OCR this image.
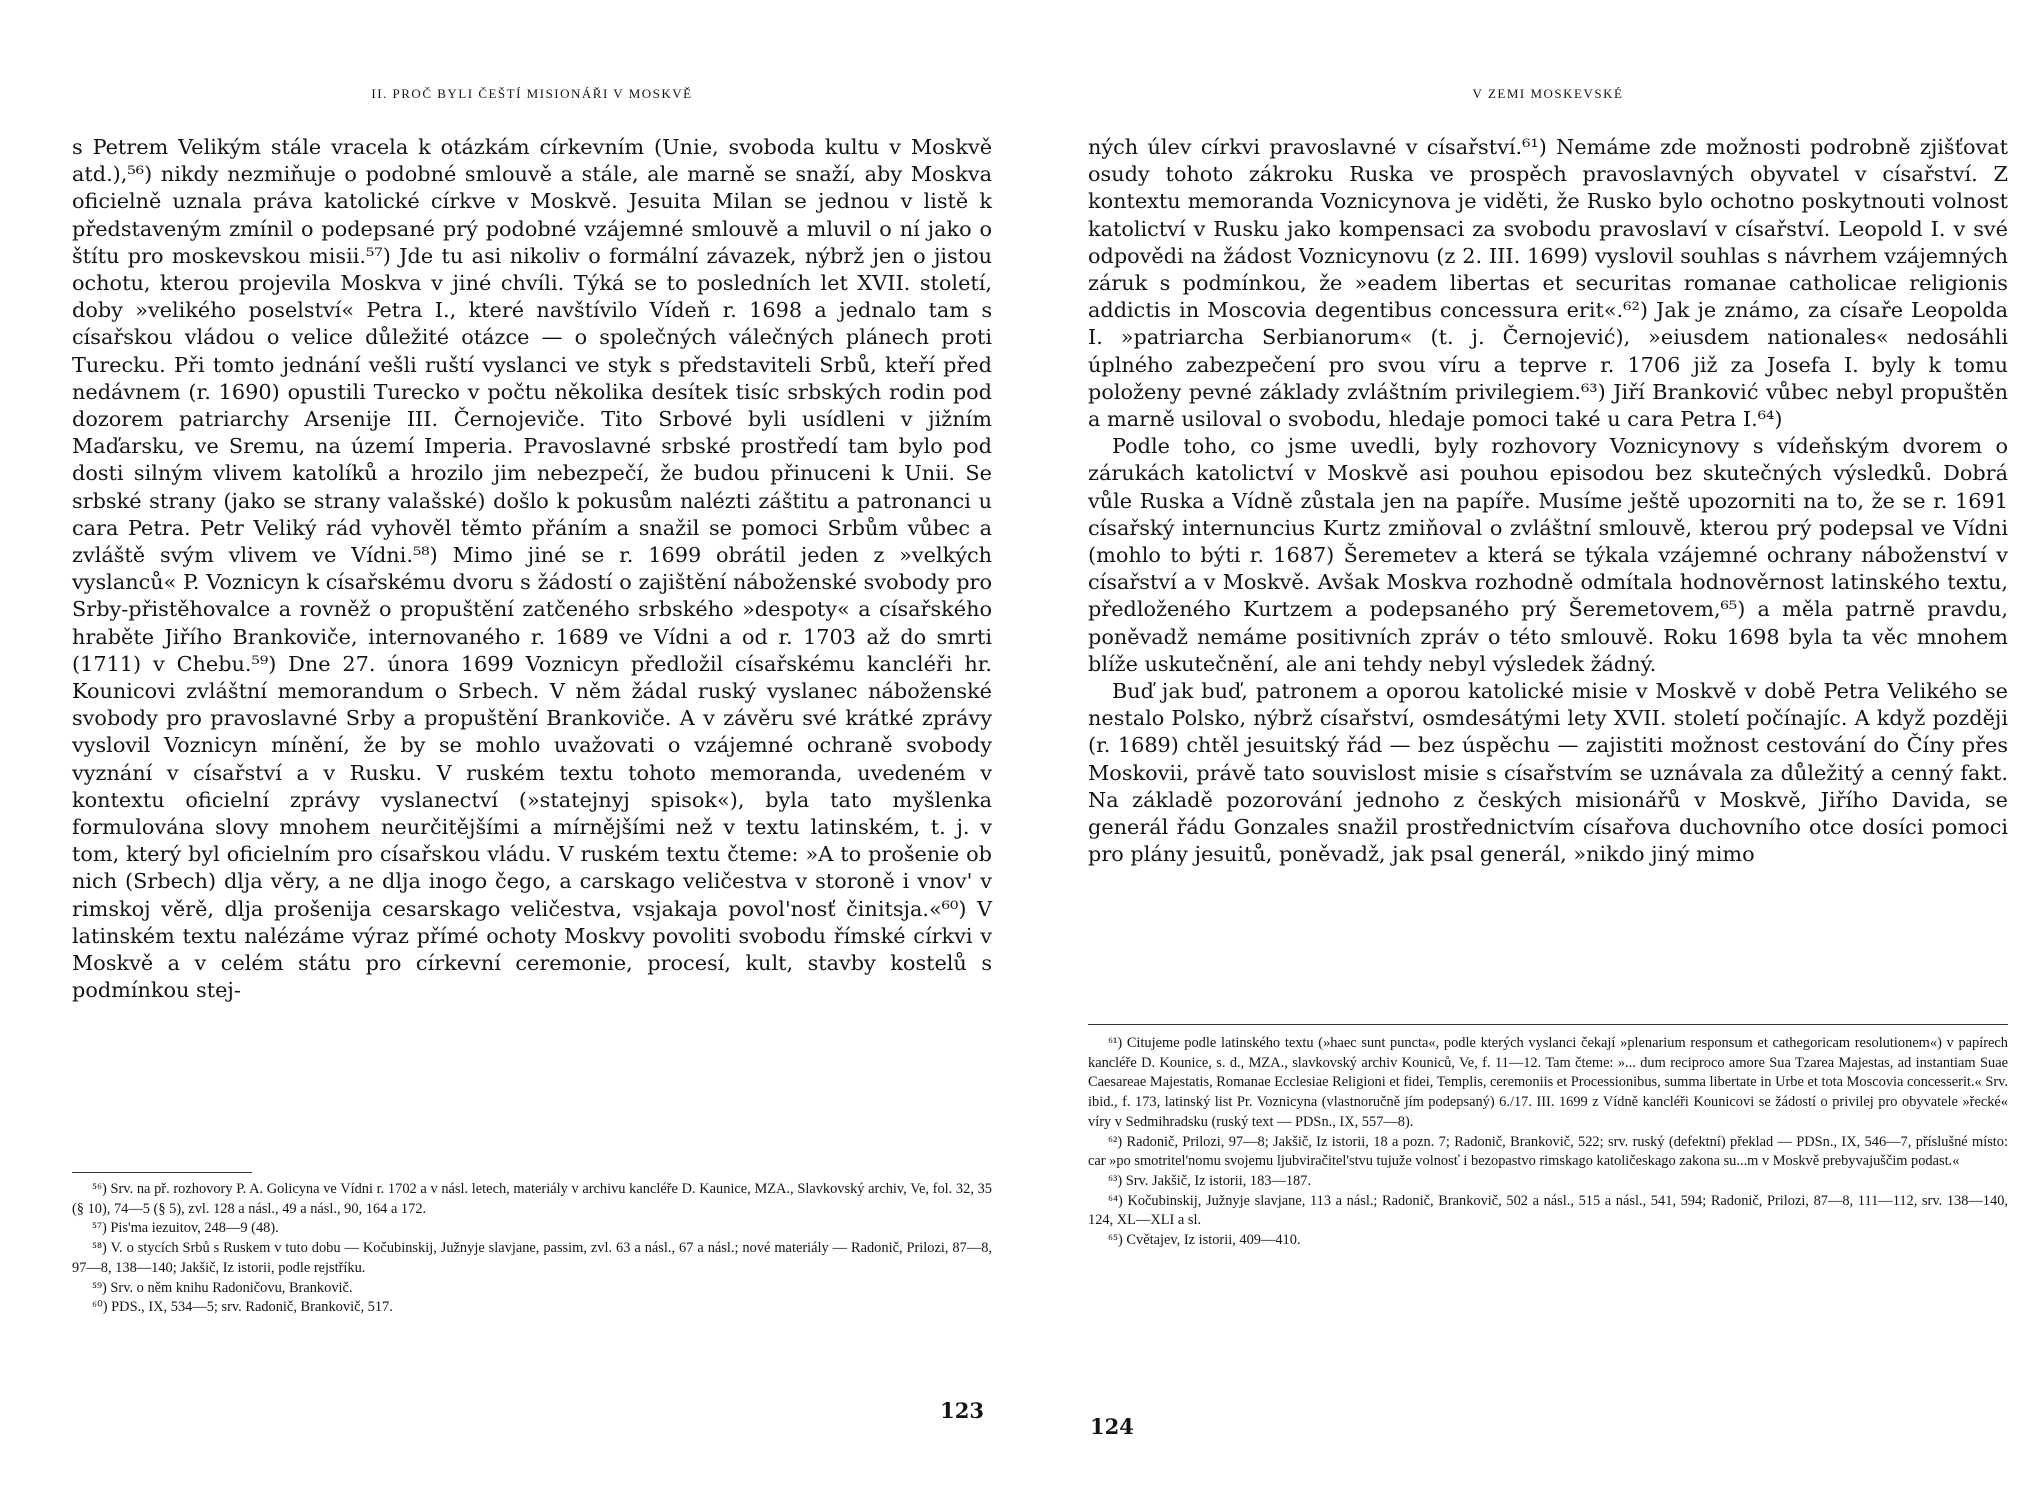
II. PROČ BYLI ČEŠTÍ MISIONÁŘI V MOSKVĚ

s Petrem Velikým stále vracela k otázkám církevním (Unie, svoboda kultu v Moskvě atd.),⁵⁶) nikdy nezmiňuje o podobné smlouvě a stále, ale marně se snaží, aby Moskva oficielně uznala práva katolické církve v Moskvě. Jesuita Milan se jednou v listě k představeným zmínil o podepsané prý podobné vzájemné smlouvě a mluvil o ní jako o štítu pro moskevskou misii.⁵⁷) Jde tu asi nikoliv o formální závazek, nýbrž jen o jistou ochotu, kterou projevila Moskva v jiné chvíli. Týká se to posledních let XVII. století, doby »velikého poselství« Petra I., které navštívilo Vídeň r. 1698 a jednalo tam s císařskou vládou o velice důležité otázce — o společných válečných plánech proti Turecku. Při tomto jednání vešli ruští vyslanci ve styk s představiteli Srbů, kteří před nedávnem (r. 1690) opustili Turecko v počtu několika desítek tisíc srbských rodin pod dozorem patriarchy Arsenije III. Černojeviče. Tito Srbové byli usídleni v jižním Maďarsku, ve Sremu, na území Imperia. Pravoslavné srbské prostředí tam bylo pod dosti silným vlivem katolíků a hrozilo jim nebezpečí, že budou přinuceni k Unii. Se srbské strany (jako se strany valašské) došlo k pokusům nalézti záštitu a patronanci u cara Petra. Petr Veliký rád vyhověl těmto přáním a snažil se pomoci Srbům vůbec a zvláště svým vlivem ve Vídni.⁵⁸) Mimo jiné se r. 1699 obrátil jeden z »velkých vyslanců« P. Voznicyn k císařskému dvoru s žádostí o zajištění náboženské svobody pro Srby-přistěhovalce a rovněž o propuštění zatčeného srbského »despoty« a císařského hraběte Jiřího Brankoviče, internovaného r. 1689 ve Vídni a od r. 1703 až do smrti (1711) v Chebu.⁵⁹) Dne 27. února 1699 Voznicyn předložil císařskému kancléři hr. Kounicovi zvláštní memorandum o Srbech. V něm žádal ruský vyslanec náboženské svobody pro pravoslavné Srby a propuštění Brankoviče. A v závěru své krátké zprávy vyslovil Voznicyn mínění, že by se mohlo uvažovati o vzájemné ochraně svobody vyznání v císařství a v Rusku. V ruském textu tohoto memoranda, uvedeném v kontextu oficielní zprávy vyslanectví (»statejnyj spisok«), byla tato myšlenka formulována slovy mnohem neurčitějšími a mírnějšími než v textu latinském, t. j. v tom, který byl oficielním pro císařskou vládu. V ruském textu čteme: »A to prošenie ob nich (Srbech) dlja věry, a ne dlja inogo čego, a carskago veličestva v storoně i vnov' v rimskoj věrě, dlja prošenija cesarskago veličestva, vsjakaja povol'nosť činitsja.«⁶⁰) V latinském textu nalézáme výraz přímé ochoty Moskvy povoliti svobodu římské církvi v Moskvě a v celém státu pro církevní ceremonie, procesí, kult, stavby kostelů s podmínkou stej-

⁵⁶) Srv. na př. rozhovory P. A. Golicyna ve Vídni r. 1702 a v násl. letech, materiály v archivu kancléře D. Kaunice, MZA., Slavkovský archiv, Ve, fol. 32, 35 (§ 10), 74—5 (§ 5), zvl. 128 a násl., 49 a násl., 90, 164 a 172.

⁵⁷) Pis'ma iezuitov, 248—9 (48).

⁵⁸) V. o stycích Srbů s Ruskem v tuto dobu — Kočubinskij, Južnyje slavjane, passim, zvl. 63 a násl., 67 a násl.; nové materiály — Radonič, Prilozi, 87—8, 97—8, 138—140; Jakšič, Iz istorii, podle rejstříku.

⁵⁹) Srv. o něm knihu Radoničovu, Brankovič.

⁶⁰) PDS., IX, 534—5; srv. Radonič, Brankovič, 517.

123
V ZEMI MOSKEVSKÉ

ných úlev církvi pravoslavné v císařství.⁶¹) Nemáme zde možnosti podrobně zjišťovat osudy tohoto zákroku Ruska ve prospěch pravoslavných obyvatel v císařství. Z kontextu memoranda Voznicynova je viděti, že Rusko bylo ochotno poskytnouti volnost katolictví v Rusku jako kompensaci za svobodu pravoslaví v císařství. Leopold I. v své odpovědi na žádost Voznicynovu (z 2. III. 1699) vyslovil souhlas s návrhem vzájemných záruk s podmínkou, že »eadem libertas et securitas romanae catholicae religionis addictis in Moscovia degentibus concessura erit«.⁶²) Jak je známo, za císaře Leopolda I. »patriarcha Serbianorum« (t. j. Černojević), »eiusdem nationales« nedosáhli úplného zabezpečení pro svou víru a teprve r. 1706 již za Josefa I. byly k tomu položeny pevné základy zvláštním privilegiem.⁶³) Jiří Branković vůbec nebyl propuštěn a marně usiloval o svobodu, hledaje pomoci také u cara Petra I.⁶⁴)

Podle toho, co jsme uvedli, byly rozhovory Voznicynovy s vídeňským dvorem o zárukách katolictví v Moskvě asi pouhou episodou bez skutečných výsledků. Dobrá vůle Ruska a Vídně zůstala jen na papíře. Musíme ještě upozorniti na to, že se r. 1691 císařský internuncius Kurtz zmiňoval o zvláštní smlouvě, kterou prý podepsal ve Vídni (mohlo to býti r. 1687) Šeremetev a která se týkala vzájemné ochrany náboženství v císařství a v Moskvě. Avšak Moskva rozhodně odmítala hodnověrnost latinského textu, předloženého Kurtzem a podepsaného prý Šeremetovem,⁶⁵) a měla patrně pravdu, poněvadž nemáme positivních zpráv o této smlouvě. Roku 1698 byla ta věc mnohem blíže uskutečnění, ale ani tehdy nebyl výsledek žádný.

Buď jak buď, patronem a oporou katolické misie v Moskvě v době Petra Velikého se nestalo Polsko, nýbrž císařství, osmdesátými lety XVII. století počínajíc. A když později (r. 1689) chtěl jesuitský řád — bez úspěchu — zajistiti možnost cestování do Číny přes Moskovii, právě tato souvislost misie s císařstvím se uznávala za důležitý a cenný fakt. Na základě pozorování jednoho z českých misionářů v Moskvě, Jiřího Davida, se generál řádu Gonzales snažil prostřednictvím císařova duchovního otce dosíci pomoci pro plány jesuitů, poněvadž, jak psal generál, »nikdo jiný mimo

⁶¹) Citujeme podle latinského textu (»haec sunt puncta«, podle kterých vyslanci čekají »plenarium responsum et cathegoricam resolutionem«) v papírech kancléře D. Kounice, s. d., MZA., slavkovský archiv Kouniců, Ve, f. 11—12. Tam čteme: »... dum reciproco amore Sua Tzarea Majestas, ad instantiam Suae Caesareae Majestatis, Romanae Ecclesiae Religioni et fidei, Templis, ceremoniis et Processionibus, summa libertate in Urbe et tota Moscovia concesserit.« Srv. ibid., f. 173, latinský list Pr. Voznicyna (vlastnoručně jím podepsaný) 6./17. III. 1699 z Vídně kancléři Kounicovi se žádostí o privilej pro obyvatele »řecké« víry v Sedmihradsku (ruský text — PDSn., IX, 557—8).

⁶²) Radonič, Prilozi, 97—8; Jakšič, Iz istorii, 18 a pozn. 7; Radonič, Brankovič, 522; srv. ruský (defektní) překlad — PDSn., IX, 546—7, příslušné místo: car »po smotritel'nomu svojemu ljubviračitel'stvu tujužе volnosť i bezopastvo rimskago katoličeskago zakona su...m v Moskvě prebyvajuščim podast.«

⁶³) Srv. Jakšič, Iz istorii, 183—187.

⁶⁴) Kočubinskij, Južnyje slavjane, 113 a násl.; Radonič, Brankovič, 502 a násl., 515 a násl., 541, 594; Radonič, Prilozi, 87—8, 111—112, srv. 138—140, 124, XL—XLI a sl.

⁶⁵) Cvětajev, Iz istorii, 409—410.

124
